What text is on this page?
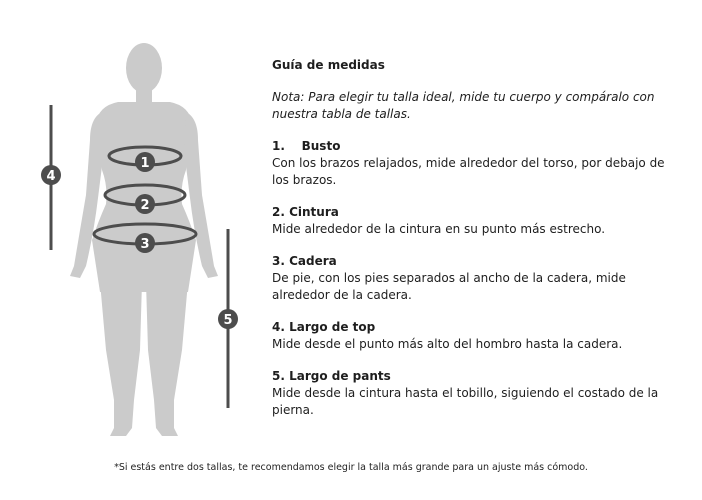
1
2
3
4
5
Guía de medidas
Nota: Para elegir tu talla ideal, mide tu cuerpo y compáralo con nuestra tabla de tallas.
1.    Busto
Con los brazos relajados, mide alrededor del torso, por debajo de los brazos.
2. Cintura
Mide alrededor de la cintura en su punto más estrecho.
3. Cadera
De pie, con los pies separados al ancho de la cadera, mide alrededor de la cadera.
4. Largo de top
Mide desde el punto más alto del hombro hasta la cadera.
5. Largo de pants
Mide desde la cintura hasta el tobillo, siguiendo el costado de la pierna.
*Si estás entre dos tallas, te recomendamos elegir la talla más grande para un ajuste más cómodo.
